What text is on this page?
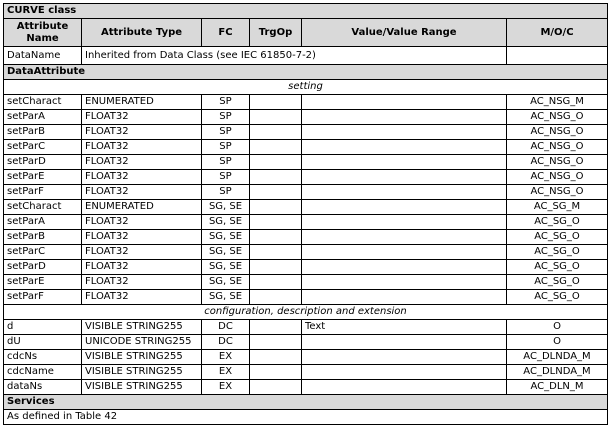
CURVE class					
Attribute Name	Attribute Type	FC	TrgOp	Value/Value Range	M/O/C
DataName	Inherited from Data Class (see IEC 61850-7-2)				
DataAttribute					
setting					
setCharact	ENUMERATED	SP			AC_NSG_M
setParA	FLOAT32	SP			AC_NSG_O
setParB	FLOAT32	SP			AC_NSG_O
setParC	FLOAT32	SP			AC_NSG_O
setParD	FLOAT32	SP			AC_NSG_O
setParE	FLOAT32	SP			AC_NSG_O
setParF	FLOAT32	SP			AC_NSG_O
setCharact	ENUMERATED	SG, SE			AC_SG_M
setParA	FLOAT32	SG, SE			AC_SG_O
setParB	FLOAT32	SG, SE			AC_SG_O
setParC	FLOAT32	SG, SE			AC_SG_O
setParD	FLOAT32	SG, SE			AC_SG_O
setParE	FLOAT32	SG, SE			AC_SG_O
setParF	FLOAT32	SG, SE			AC_SG_O
configuration, description and extension					
d	VISIBLE STRING255	DC		Text	O
dU	UNICODE STRING255	DC			O
cdcNs	VISIBLE STRING255	EX			AC_DLNDA_M
cdcName	VISIBLE STRING255	EX			AC_DLNDA_M
dataNs	VISIBLE STRING255	EX			AC_DLN_M
Services					
As defined in Table 42					
